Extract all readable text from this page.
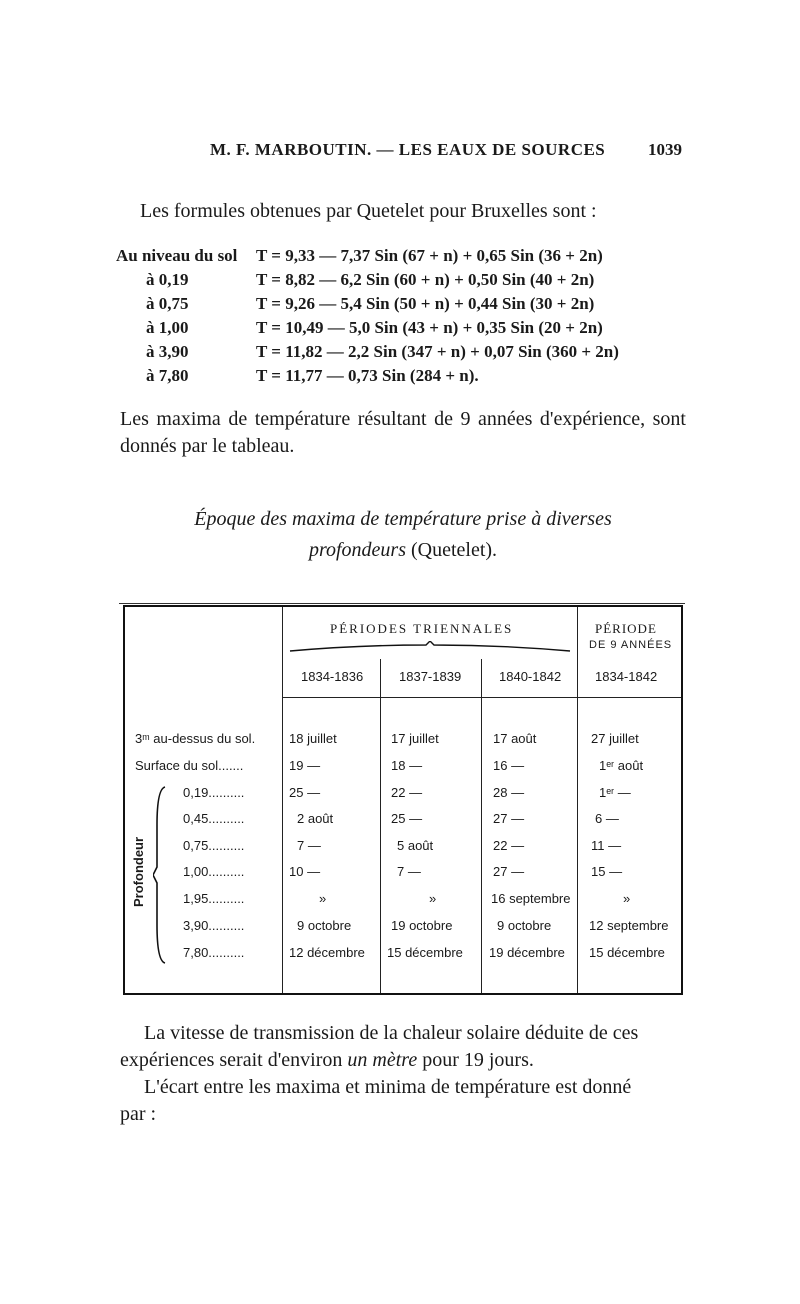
M. F. MARBOUTIN. — LES EAUX DE SOURCES	1039
Les formules obtenues par Quetelet pour Bruxelles sont :
Au niveau du sol	T = 9,33 — 7,37 Sin (67 + n) + 0,65 Sin (36 + 2n)
à 0,19	T = 8,82 — 6,2 Sin (60 + n) + 0,50 Sin (40 + 2n)
à 0,75	T = 9,26 — 5,4 Sin (50 + n) + 0,44 Sin (30 + 2n)
à 1,00	T = 10,49 — 5,0 Sin (43 + n) + 0,35 Sin (20 + 2n)
à 3,90	T = 11,82 — 2,2 Sin (347 + n) + 0,07 Sin (360 + 2n)
à 7,80	T = 11,77 — 0,73 Sin (284 + n).
Les maxima de température résultant de 9 années d'expérience, sont donnés par le tableau.
Époque des maxima de température prise à diverses
profondeurs (Quetelet).
PÉRIODES TRIENNALES	PÉRIODE
DE 9 ANNÉES
1834-1836	1837-1839	1840-1842	1834-1842
Profondeur
3ᵐ au-dessus du sol.	18 juillet	17 juillet	17 août	27 juillet
Surface du sol.......	19 —	18 —	16 —	1ᵉʳ août
0,19..........	25 —	22 —	28 —	1ᵉʳ —
0,45..........	2 août	25 —	27 —	6 —
0,75..........	7 —	5 août	22 —	11 —
1,00..........	10 —	7 —	27 —	15 —
1,95..........	»	»	16 septembre	»
3,90..........	9 octobre	19 octobre	9 octobre	12 septembre
7,80..........	12 décembre 15 décembre 19 décembre 15 décembre
La vitesse de transmission de la chaleur solaire déduite de ces
expériences serait d'environ un mètre pour 19 jours.
L'écart entre les maxima et minima de température est donné
par :
